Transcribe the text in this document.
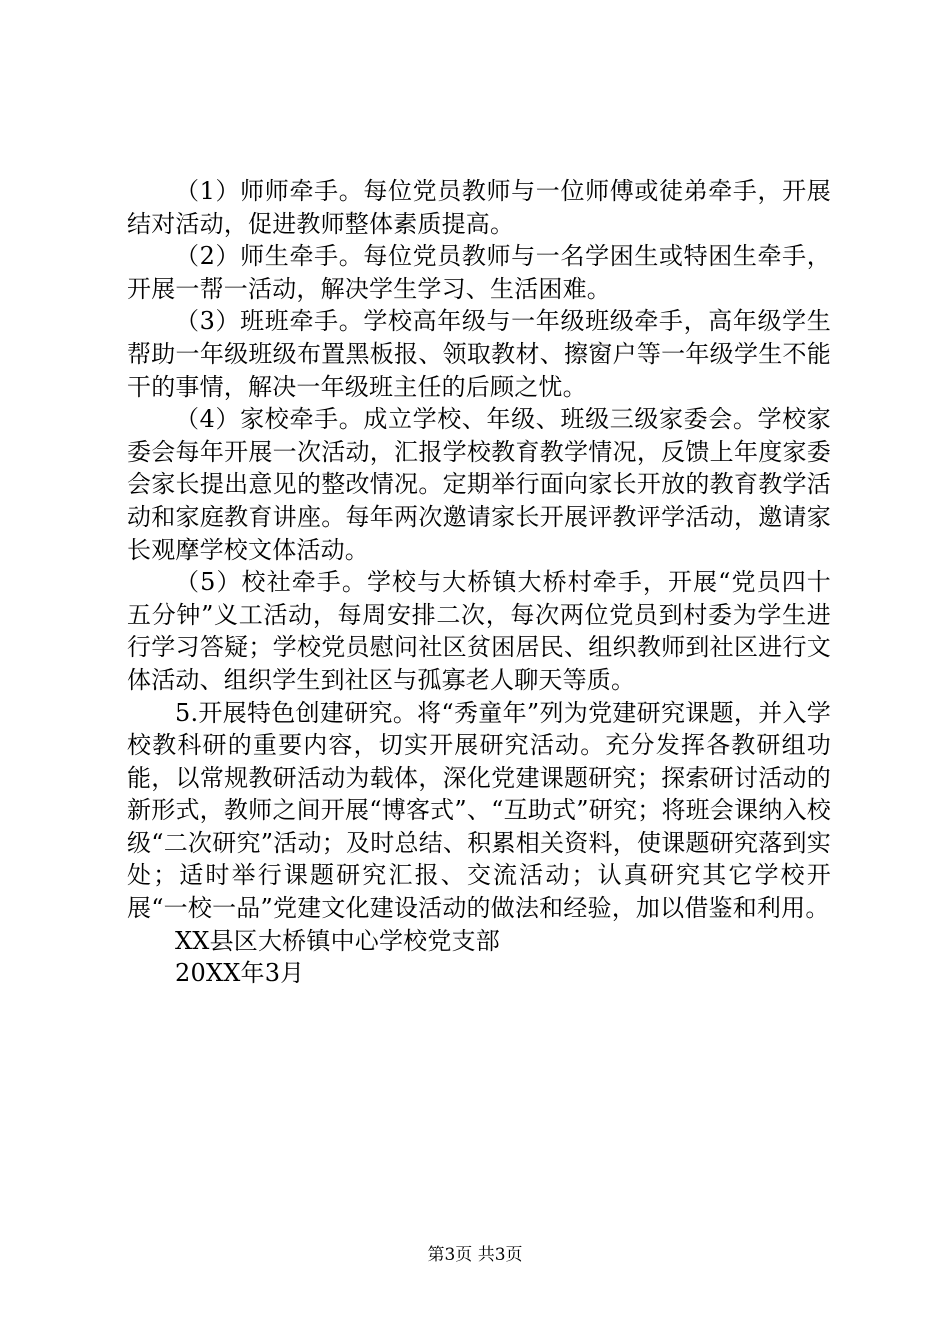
（1）师师牵手。每位党员教师与一位师傅或徒弟牵手，开展结对活动，促进教师整体素质提高。

（2）师生牵手。每位党员教师与一名学困生或特困生牵手，开展一帮一活动，解决学生学习、生活困难。

（3）班班牵手。学校高年级与一年级班级牵手，高年级学生帮助一年级班级布置黑板报、领取教材、擦窗户等一年级学生不能干的事情，解决一年级班主任的后顾之忧。

（4）家校牵手。成立学校、年级、班级三级家委会。学校家委会每年开展一次活动，汇报学校教育教学情况，反馈上年度家委会家长提出意见的整改情况。定期举行面向家长开放的教育教学活动和家庭教育讲座。每年两次邀请家长开展评教评学活动，邀请家长观摩学校文体活动。

（5）校社牵手。学校与大桥镇大桥村牵手，开展“党员四十五分钟”义工活动，每周安排二次，每次两位党员到村委为学生进行学习答疑；学校党员慰问社区贫困居民、组织教师到社区进行文体活动、组织学生到社区与孤寡老人聊天等质。

5.开展特色创建研究。将“秀童年”列为党建研究课题，并入学校教科研的重要内容，切实开展研究活动。充分发挥各教研组功能，以常规教研活动为载体，深化党建课题研究；探索研讨活动的新形式，教师之间开展“博客式”、“互助式”研究；将班会课纳入校级“二次研究”活动；及时总结、积累相关资料，使课题研究落到实处；适时举行课题研究汇报、交流活动；认真研究其它学校开展“一校一品”党建文化建设活动的做法和经验，加以借鉴和利用。

XX县区大桥镇中心学校党支部

20XX年3月

第3页 共3页
